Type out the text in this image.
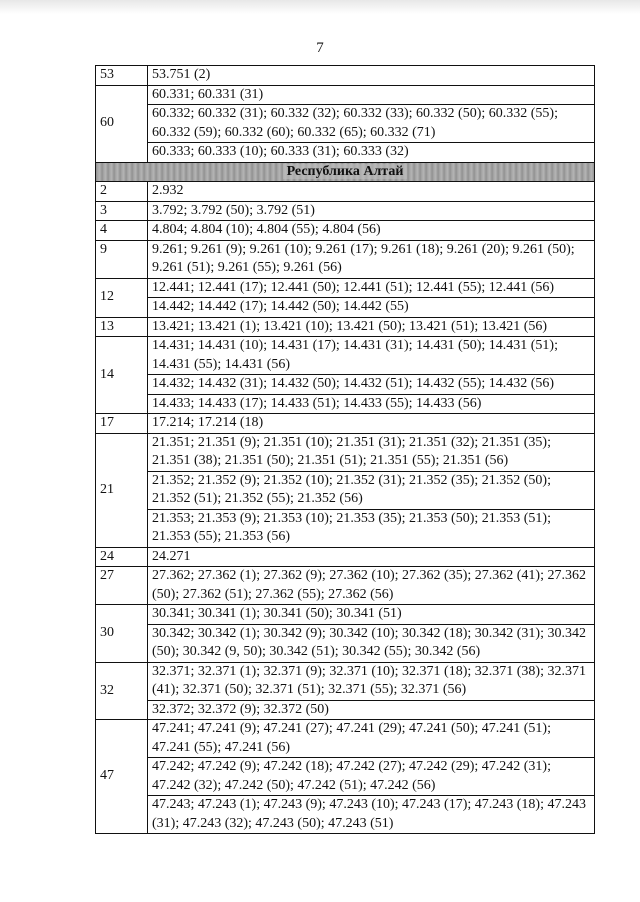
7
53	53.751 (2)
60	60.331; 60.331 (31)
	60.332; 60.332 (31); 60.332 (32); 60.332 (33); 60.332 (50); 60.332 (55); 60.332 (59); 60.332 (60); 60.332 (65); 60.332 (71)
	60.333; 60.333 (10); 60.333 (31); 60.333 (32)
Республика Алтай	
2	2.932
3	3.792; 3.792 (50); 3.792 (51)
4	4.804; 4.804 (10); 4.804 (55); 4.804 (56)
9	9.261; 9.261 (9); 9.261 (10); 9.261 (17); 9.261 (18); 9.261 (20); 9.261 (50); 9.261 (51); 9.261 (55); 9.261 (56)
12	12.441; 12.441 (17); 12.441 (50); 12.441 (51); 12.441 (55); 12.441 (56)
	14.442; 14.442 (17); 14.442 (50); 14.442 (55)
13	13.421; 13.421 (1); 13.421 (10); 13.421 (50); 13.421 (51); 13.421 (56)
14	14.431; 14.431 (10); 14.431 (17); 14.431 (31); 14.431 (50); 14.431 (51); 14.431 (55); 14.431 (56)
	14.432; 14.432 (31); 14.432 (50); 14.432 (51); 14.432 (55); 14.432 (56)
	14.433; 14.433 (17); 14.433 (51); 14.433 (55); 14.433 (56)
17	17.214; 17.214 (18)
21	21.351; 21.351 (9); 21.351 (10); 21.351 (31); 21.351 (32); 21.351 (35); 21.351 (38); 21.351 (50); 21.351 (51); 21.351 (55); 21.351 (56)
	21.352; 21.352 (9); 21.352 (10); 21.352 (31); 21.352 (35); 21.352 (50); 21.352 (51); 21.352 (55); 21.352 (56)
	21.353; 21.353 (9); 21.353 (10); 21.353 (35); 21.353 (50); 21.353 (51); 21.353 (55); 21.353 (56)
24	24.271
27	27.362; 27.362 (1); 27.362 (9); 27.362 (10); 27.362 (35); 27.362 (41); 27.362 (50); 27.362 (51); 27.362 (55); 27.362 (56)
30	30.341; 30.341 (1); 30.341 (50); 30.341 (51)
	30.342; 30.342 (1); 30.342 (9); 30.342 (10); 30.342 (18); 30.342 (31); 30.342 (50); 30.342 (9, 50); 30.342 (51); 30.342 (55); 30.342 (56)
32	32.371; 32.371 (1); 32.371 (9); 32.371 (10); 32.371 (18); 32.371 (38); 32.371 (41); 32.371 (50); 32.371 (51); 32.371 (55); 32.371 (56)
	32.372; 32.372 (9); 32.372 (50)
47	47.241; 47.241 (9); 47.241 (27); 47.241 (29); 47.241 (50); 47.241 (51); 47.241 (55); 47.241 (56)
	47.242; 47.242 (9); 47.242 (18); 47.242 (27); 47.242 (29); 47.242 (31); 47.242 (32); 47.242 (50); 47.242 (51); 47.242 (56)
	47.243; 47.243 (1); 47.243 (9); 47.243 (10); 47.243 (17); 47.243 (18); 47.243 (31); 47.243 (32); 47.243 (50); 47.243 (51)
